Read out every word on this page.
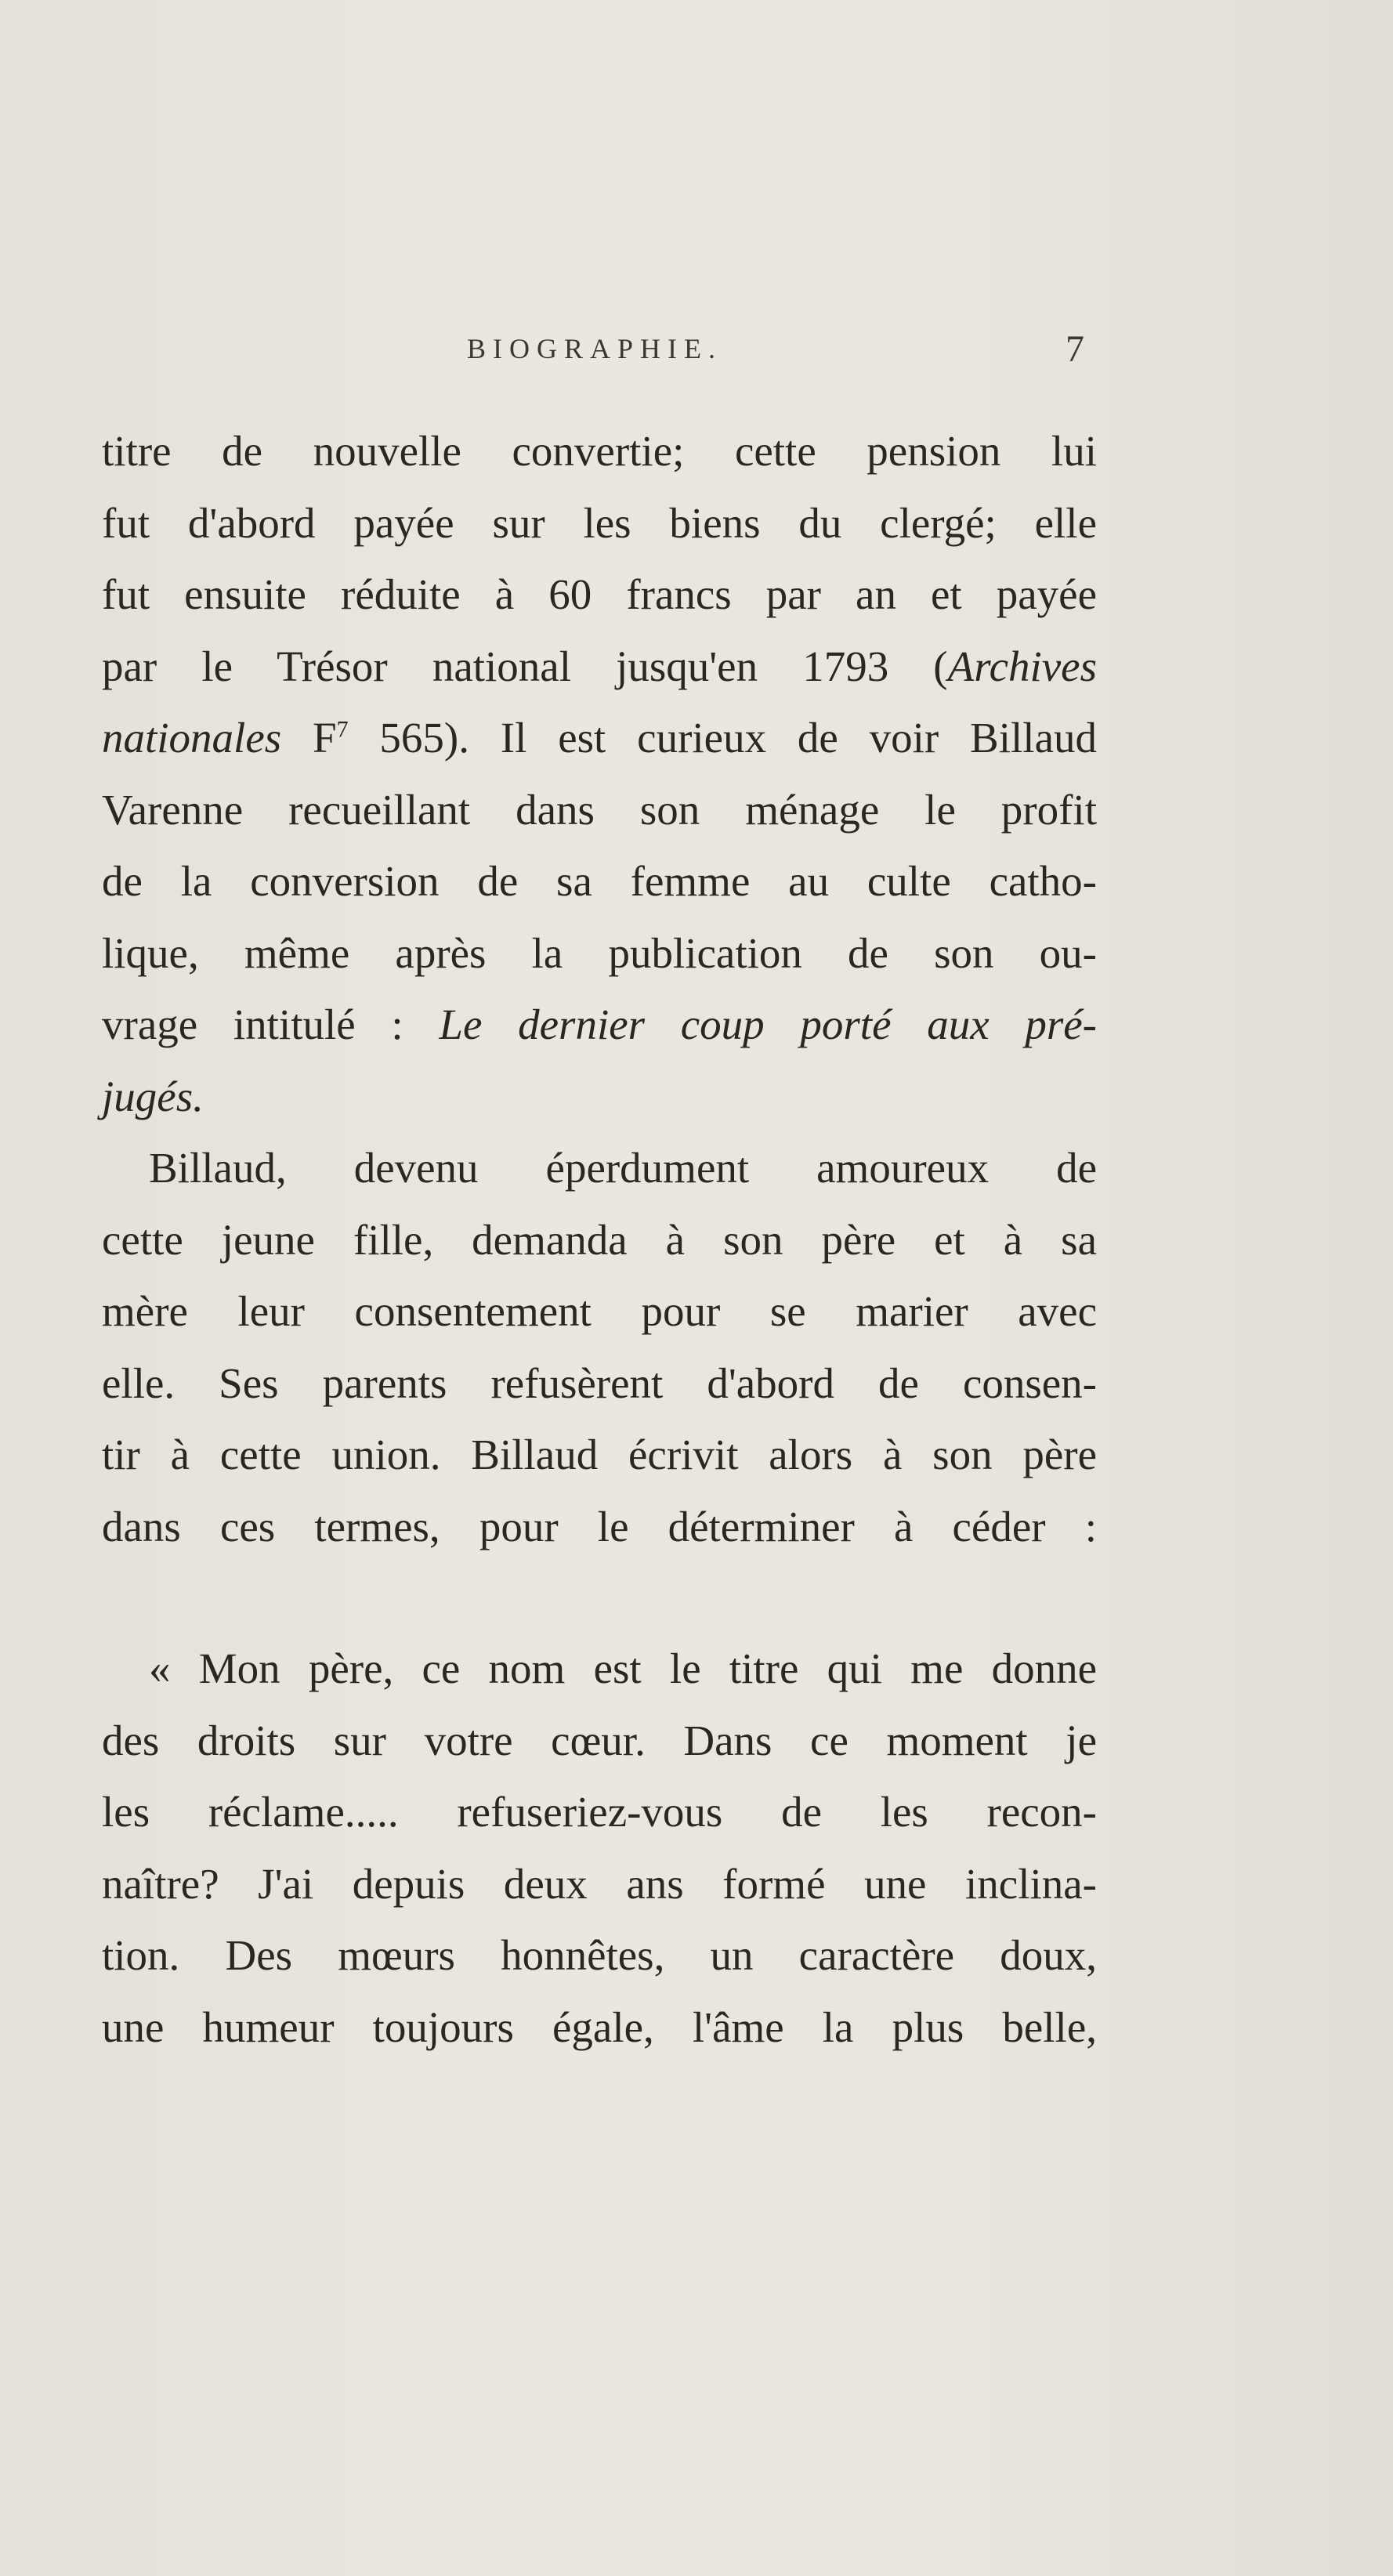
BIOGRAPHIE.	7
titre de nouvelle convertie; cette pension lui
fut d'abord payée sur les biens du clergé; elle
fut ensuite réduite à 60 francs par an et payée
par le Trésor national jusqu'en 1793 (Archives
nationales $F^7$ 565). Il est curieux de voir Billaud
Varenne recueillant dans son ménage le profit
de la conversion de sa femme au culte catho-
lique, même après la publication de son ou-
vrage intitulé : Le dernier coup porté aux pré-
jugés.
Billaud, devenu éperdument amoureux de
cette jeune fille, demanda à son père et à sa
mère leur consentement pour se marier avec
elle. Ses parents refusèrent d'abord de consen-
tir à cette union. Billaud écrivit alors à son père
dans ces termes, pour le déterminer à céder :
« Mon père, ce nom est le titre qui me donne
des droits sur votre cœur. Dans ce moment je
les réclame..... refuseriez-vous de les recon-
naître? J'ai depuis deux ans formé une inclina-
tion. Des mœurs honnêtes, un caractère doux,
une humeur toujours égale, l'âme la plus belle,
